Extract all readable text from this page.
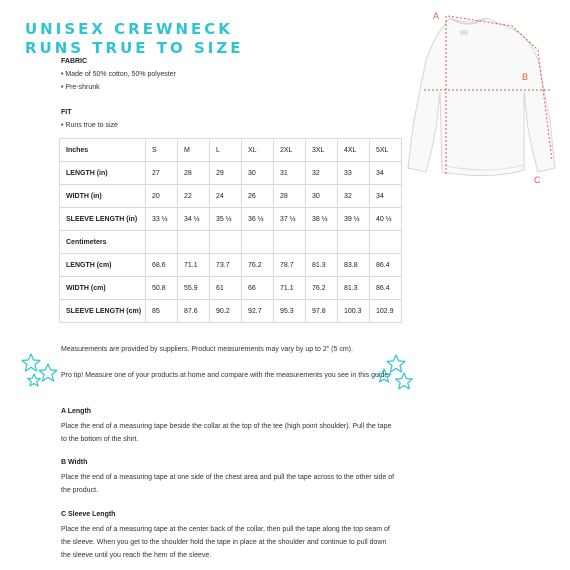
UNISEX CREWNECK
RUNS TRUE TO SIZE
FABRIC
• Made of 50% cotton, 50% polyester
• Pre-shrunk
FIT
• Runs true to size
Inches	S	M	L	XL	2XL	3XL	4XL	5XL
LENGTH (in)	27	28	29	30	31	32	33	34
WIDTH (in)	20	22	24	26	28	30	32	34
SLEEVE LENGTH (in)	33 ½	34 ½	35 ½	36 ½	37 ½	38 ½	39 ½	40 ½
Centimeters								
LENGTH (cm)	68.6	71.1	73.7	76.2	78.7	81.3	83.8	86.4
WIDTH (cm)	50.8	55.9	61	66	71.1	76.2	81.3	86.4
SLEEVE LENGTH (cm)	85	87.6	90.2	92.7	95.3	97.8	100.3	102.9
Measurements are provided by suppliers. Product measurements may vary by up to 2" (5 cm).
Pro tip! Measure one of your products at home and compare with the measurements you see in this guide.
A Length
Place the end of a measuring tape beside the collar at the top of the tee (high point shoulder). Pull the tape to the bottom of the shirt.
B Width
Place the end of a measuring tape at one side of the chest area and pull the tape across to the other side of the product.
C Sleeve Length
Place the end of a measuring tape at the center back of the collar, then pull the tape along the top seam of the sleeve. When you get to the shoulder hold the tape in place at the shoulder and continue to pull down the sleeve until you reach the hem of the sleeve.
A
B
C
